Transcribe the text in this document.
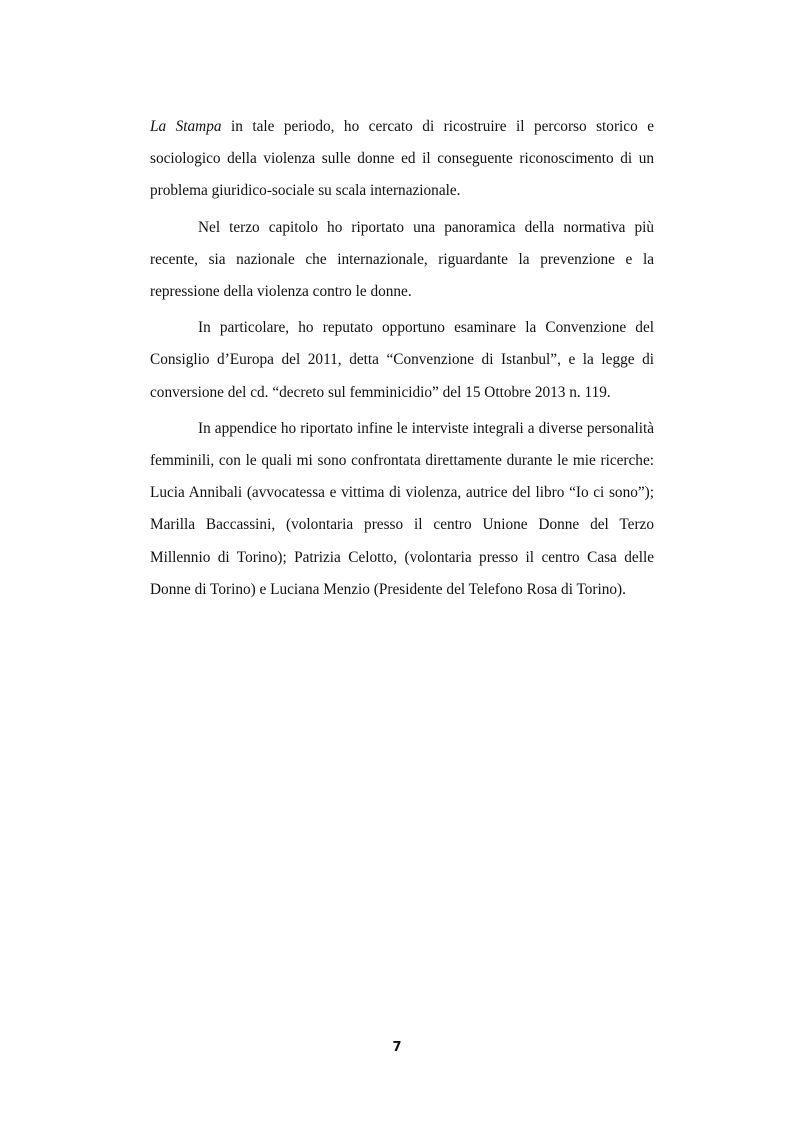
La Stampa in tale periodo, ho cercato di ricostruire il percorso storico e sociologico della violenza sulle donne ed il conseguente riconoscimento di un problema giuridico-sociale su scala internazionale.

Nel terzo capitolo ho riportato una panoramica della normativa più recente, sia nazionale che internazionale, riguardante la prevenzione e la repressione della violenza contro le donne.

In particolare, ho reputato opportuno esaminare la Convenzione del Consiglio d’Europa del 2011, detta “Convenzione di Istanbul”, e la legge di conversione del cd. “decreto sul femminicidio” del 15 Ottobre 2013 n. 119.

In appendice ho riportato infine le interviste integrali a diverse personalità femminili, con le quali mi sono confrontata direttamente durante le mie ricerche: Lucia Annibali (avvocatessa e vittima di violenza, autrice del libro “Io ci sono”); Marilla Baccassini, (volontaria presso il centro Unione Donne del Terzo Millennio di Torino); Patrizia Celotto, (volontaria presso il centro Casa delle Donne di Torino) e Luciana Menzio (Presidente del Telefono Rosa di Torino).

7
